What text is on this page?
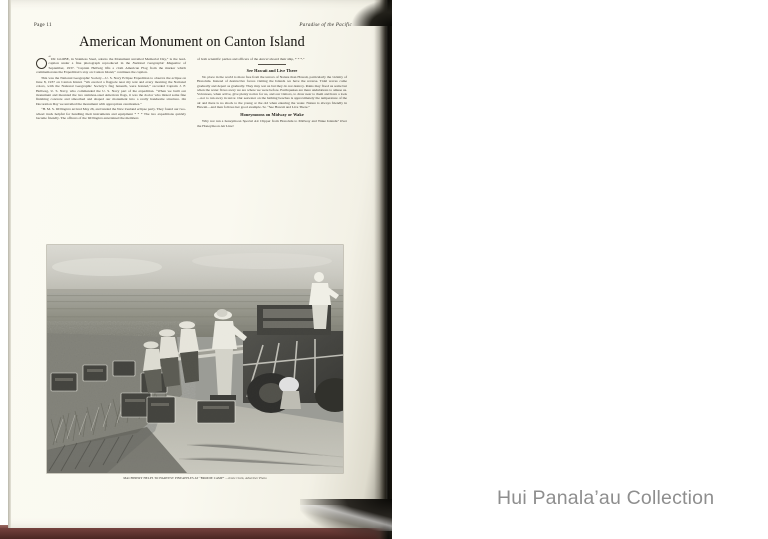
Page 11	Paradise of the Pacific
American Monument on Canton Island

“
UR GLOBE, in Stainless Steel, adorns the Monument unveiled Memorial Day,” is the lead-caption under a fine photograph reproduced in the National Geographic Magazine of September, 1937. “Captain Hellwig lifts a cloth American Flag from the marker which commemorates the Expedition’s stay on Canton Island,” continues the caption.

This was the National Geographic Society—U. S. Navy Eclipse Expedition to observe the eclipse on June 8, 1937 on Canton Island. “We erected a flagpole near my tent and every morning the National colors, with the National Geographic Society’s flag beneath, were hoisted,” recorded Captain J. F. Hellweg, U. S. Navy, who commanded the U. S. Navy part of the expedition. “When we built our monument and mounted the two stainless-steel American flags, it was the doctor who mixed some fine finishing concrete and smoothed and shaped our monument into a really handsome structure. On Decoration Day we unveiled the monument with appropriate ceremonies.”

“H. M. S. Wellington arrived May 26, and landed the New Zealand eclipse party. They found our two-wheel truck helpful for handling their instruments and equipment * * * The two expeditions quickly became friendly. The officers of the Wellington entertained the members

of both scientific parties and officers of the Avocet aboard their ship, * * *.”

See Hawaii and Live There

No place in the world is more free from the terrors of Nature than Hawaii, particularly the vicinity of Honolulu. Instead of destructive forces visiting the Islands we have the reverse. Tidal waves come gradually and depart as gradually. They may wet us but they do not destroy. Rains may flood us some but when the water flows away we are where we were before. Earthquakes are mere undulations to amuse us. Volcanoes, when active, give plenty notice for us, and our visitors, to draw near to them and have a look—not to run away in terror. Our seawater on the bathing beaches is approximately the temperature of the air and there is no shock to the young or the old when entering the water. Nature is always friendly in Hawaii—and man follows her good example. So “See Hawaii and Live There.”

Honeymoons on Midway or Wake

Why not run a honeymoon Special Air Clipper from Honolulu to Midway and Wake Islands? Over the Honeymoon Air Line!

MACHINERY HELPS TO HARVEST PINEAPPLES AT “BRODIE CAMP” —Jessie Clark, Advertiser Photo
Hui Panala’au Collection
